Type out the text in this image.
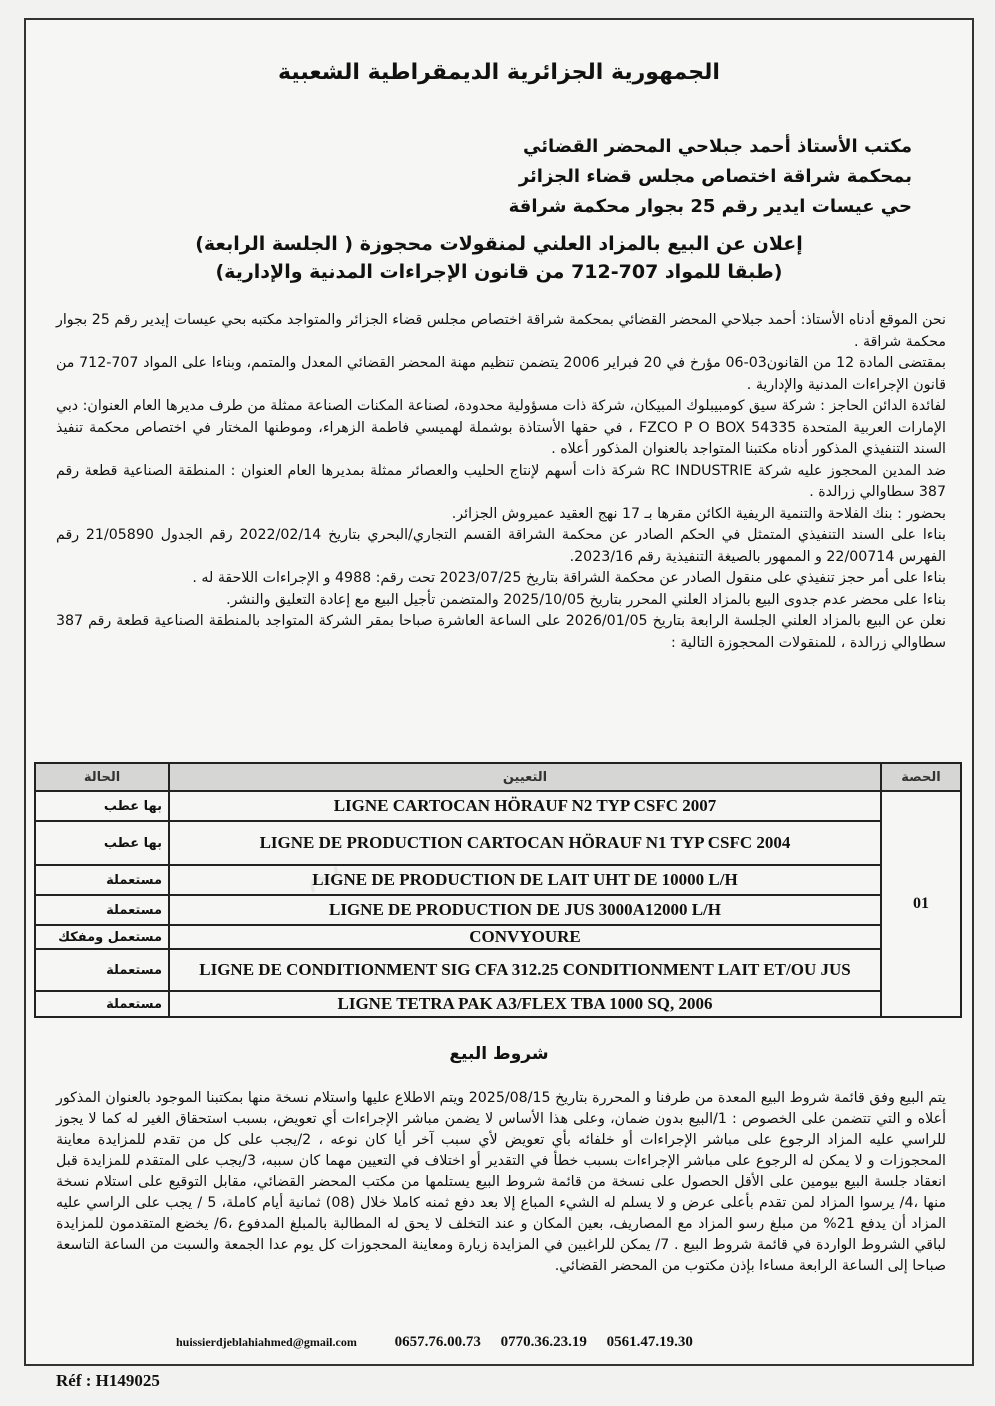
الجمهورية الجزائرية الديمقراطية الشعبية
مكتب الأستاذ أحمد جبلاحي المحضر القضائي
بمحكمة شراقة اختصاص مجلس قضاء الجزائر
حي عيسات ايدير رقم 25 بجوار محكمة شراقة
إعلان عن البيع بالمزاد العلني لمنقولات محجوزة ( الجلسة الرابعة)
(طبقا للمواد 707-712 من قانون الإجراءات المدنية والإدارية)

نحن الموقع أدناه الأستاذ: أحمد جبلاحي المحضر القضائي بمحكمة شراقة اختصاص مجلس قضاء الجزائر والمتواجد مكتبه بحي عيسات إيدير رقم 25 بجوار محكمة شراقة .

بمقتضى المادة 12 من القانون03-06 مؤرخ في 20 فبراير 2006 يتضمن تنظيم مهنة المحضر القضائي المعدل والمتمم، وبناءا على المواد 707-712 من قانون الإجراءات المدنية والإدارية .

لفائدة الدائن الحاجز : شركة سيق كومبيبلوك المبيكان، شركة ذات مسؤولية محدودة، لصناعة المكنات الصناعة ممثلة من طرف مديرها العام العنوان: دبي الإمارات العربية المتحدة FZCO P O BOX 54335 ، في حقها الأستاذة بوشملة لهميسي فاطمة الزهراء، وموطنها المختار في اختصاص محكمة تنفيذ السند التنفيذي المذكور أدناه مكتبنا المتواجد بالعنوان المذكور أعلاه .

ضد المدين المحجوز عليه شركة RC INDUSTRIE شركة ذات أسهم لإنتاج الحليب والعصائر ممثلة بمديرها العام العنوان : المنطقة الصناعية قطعة رقم 387 سطاوالي زرالدة .

بحضور : بنك الفلاحة والتنمية الريفية الكائن مقرها بـ 17 نهج العقيد عميروش الجزائر.

بناءا على السند التنفيذي المتمثل في الحكم الصادر عن محكمة الشراقة القسم التجاري/البحري بتاريخ 2022/02/14 رقم الجدول 21/05890 رقم الفهرس 22/00714 و الممهور بالصيغة التنفيذية رقم 2023/16.

بناءا على أمر حجز تنفيذي على منقول الصادر عن محكمة الشراقة بتاريخ 2023/07/25 تحت رقم: 4988 و الإجراءات اللاحقة له .

بناءا على محضر عدم جدوى البيع بالمزاد العلني المحرر بتاريخ 2025/10/05 والمتضمن تأجيل البيع مع إعادة التعليق والنشر.

نعلن عن البيع بالمزاد العلني الجلسة الرابعة بتاريخ 2026/01/05 على الساعة العاشرة صباحا بمقر الشركة المتواجد بالمنطقة الصناعية قطعة رقم 387 سطاوالي زرالدة ، للمنقولات المحجوزة التالية :

~
الحصة	التعيين	الحالة
01	LIGNE CARTOCAN HÖRAUF N2 TYP CSFC 2007	بها عطب
	LIGNE DE PRODUCTION CARTOCAN HÖRAUF N1 TYP CSFC 2004	بها عطب
	LIGNE DE PRODUCTION DE LAIT UHT DE 10000 L/H	مستعملة
	LIGNE DE PRODUCTION DE JUS 3000A12000 L/H	مستعملة
	CONVYOURE	مستعمل ومفكك
	LIGNE DE CONDITIONMENT SIG CFA 312.25 CONDITIONMENT LAIT ET/OU JUS	مستعملة
	LIGNE TETRA PAK A3/FLEX TBA 1000 SQ, 2006	مستعملة
شروط البيع
يتم البيع وفق قائمة شروط البيع المعدة من طرفنا و المحررة بتاريخ 2025/08/15 ويتم الاطلاع عليها واستلام نسخة منها بمكتبنا الموجود بالعنوان المذكور أعلاه و التي تتضمن على الخصوص : 1/البيع بدون ضمان، وعلى هذا الأساس لا يضمن مباشر الإجراءات أي تعويض، بسبب استحقاق الغير له كما لا يجوز للراسي عليه المزاد الرجوع على مباشر الإجراءات أو خلفائه بأي تعويض لأي سبب آخر أيا كان نوعه ، 2/يجب على كل من تقدم للمزايدة معاينة المحجوزات و لا يمكن له الرجوع على مباشر الإجراءات بسبب خطأ في التقدير أو اختلاف في التعيين مهما كان سببه، 3/يجب على المتقدم للمزايدة قبل انعقاد جلسة البيع بيومين على الأقل الحصول على نسخة من قائمة شروط البيع يستلمها من مكتب المحضر القضائي، مقابل التوقيع على استلام نسخة منها ،4/ يرسوا المزاد لمن تقدم بأعلى عرض و لا يسلم له الشيء المباع إلا بعد دفع ثمنه كاملا خلال (08) ثمانية أيام كاملة، 5 / يجب على الراسي عليه المزاد أن يدفع 21% من مبلغ رسو المزاد مع المصاريف، بعين المكان و عند التخلف لا يحق له المطالبة بالمبلغ المدفوع ،6/ يخضع المتقدمون للمزايدة لباقي الشروط الواردة في قائمة شروط البيع . 7/ يمكن للراغبين في المزايدة زيارة ومعاينة المحجوزات كل يوم عدا الجمعة والسبت من الساعة التاسعة صباحا إلى الساعة الرابعة مساءا بإذن مكتوب من المحضر القضائي.
huissierdjeblahiahmed@gmail.com	0657.76.00.73 0770.36.23.19 0561.47.19.30
Réf : H149025
